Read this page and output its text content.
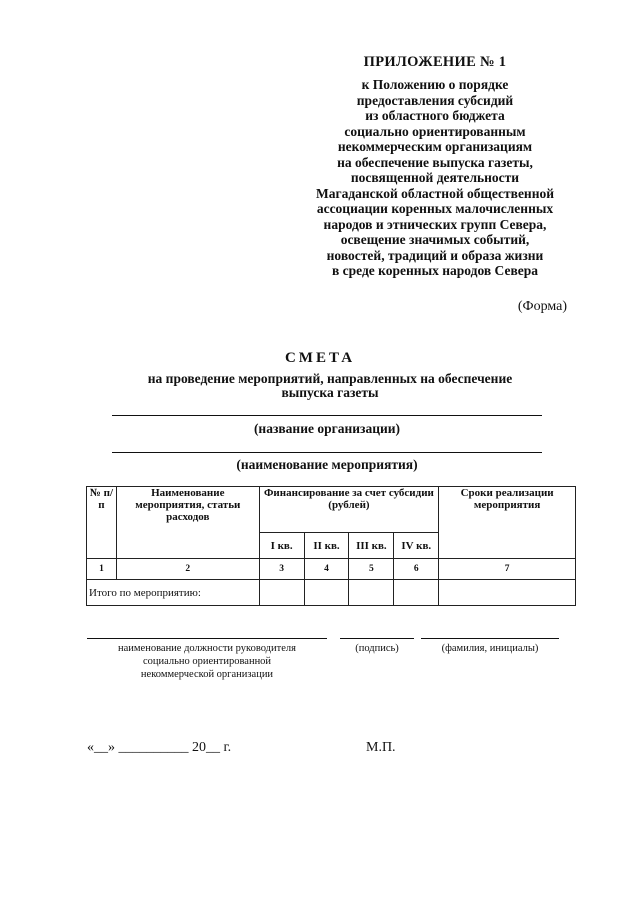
ПРИЛОЖЕНИЕ № 1
к Положению о порядке
предоставления субсидий
из областного бюджета
социально ориентированным
некоммерческим организациям
на обеспечение выпуска газеты,
посвященной деятельности
Магаданской областной общественной
ассоциации коренных малочисленных
народов и этнических групп Севера,
освещение значимых событий,
новостей, традиций и образа жизни
в среде коренных народов Севера
(Форма)
СМЕТА
на проведение мероприятий, направленных на обеспечение
выпуска газеты
(название организации)
(наименование мероприятия)
№ п/п	Наименование мероприятия, статьи расходов	Финансирование за счет субсидии (рублей)				Сроки реализации мероприятия
		I кв.	II кв.	III кв.	IV кв.	
1	2	3	4	5	6	7
Итого по мероприятию:						
наименование должности руководителя
социально ориентированной
некоммерческой организации
(подпись)	(фамилия, инициалы)
«__» __________ 20__ г.	М.П.
